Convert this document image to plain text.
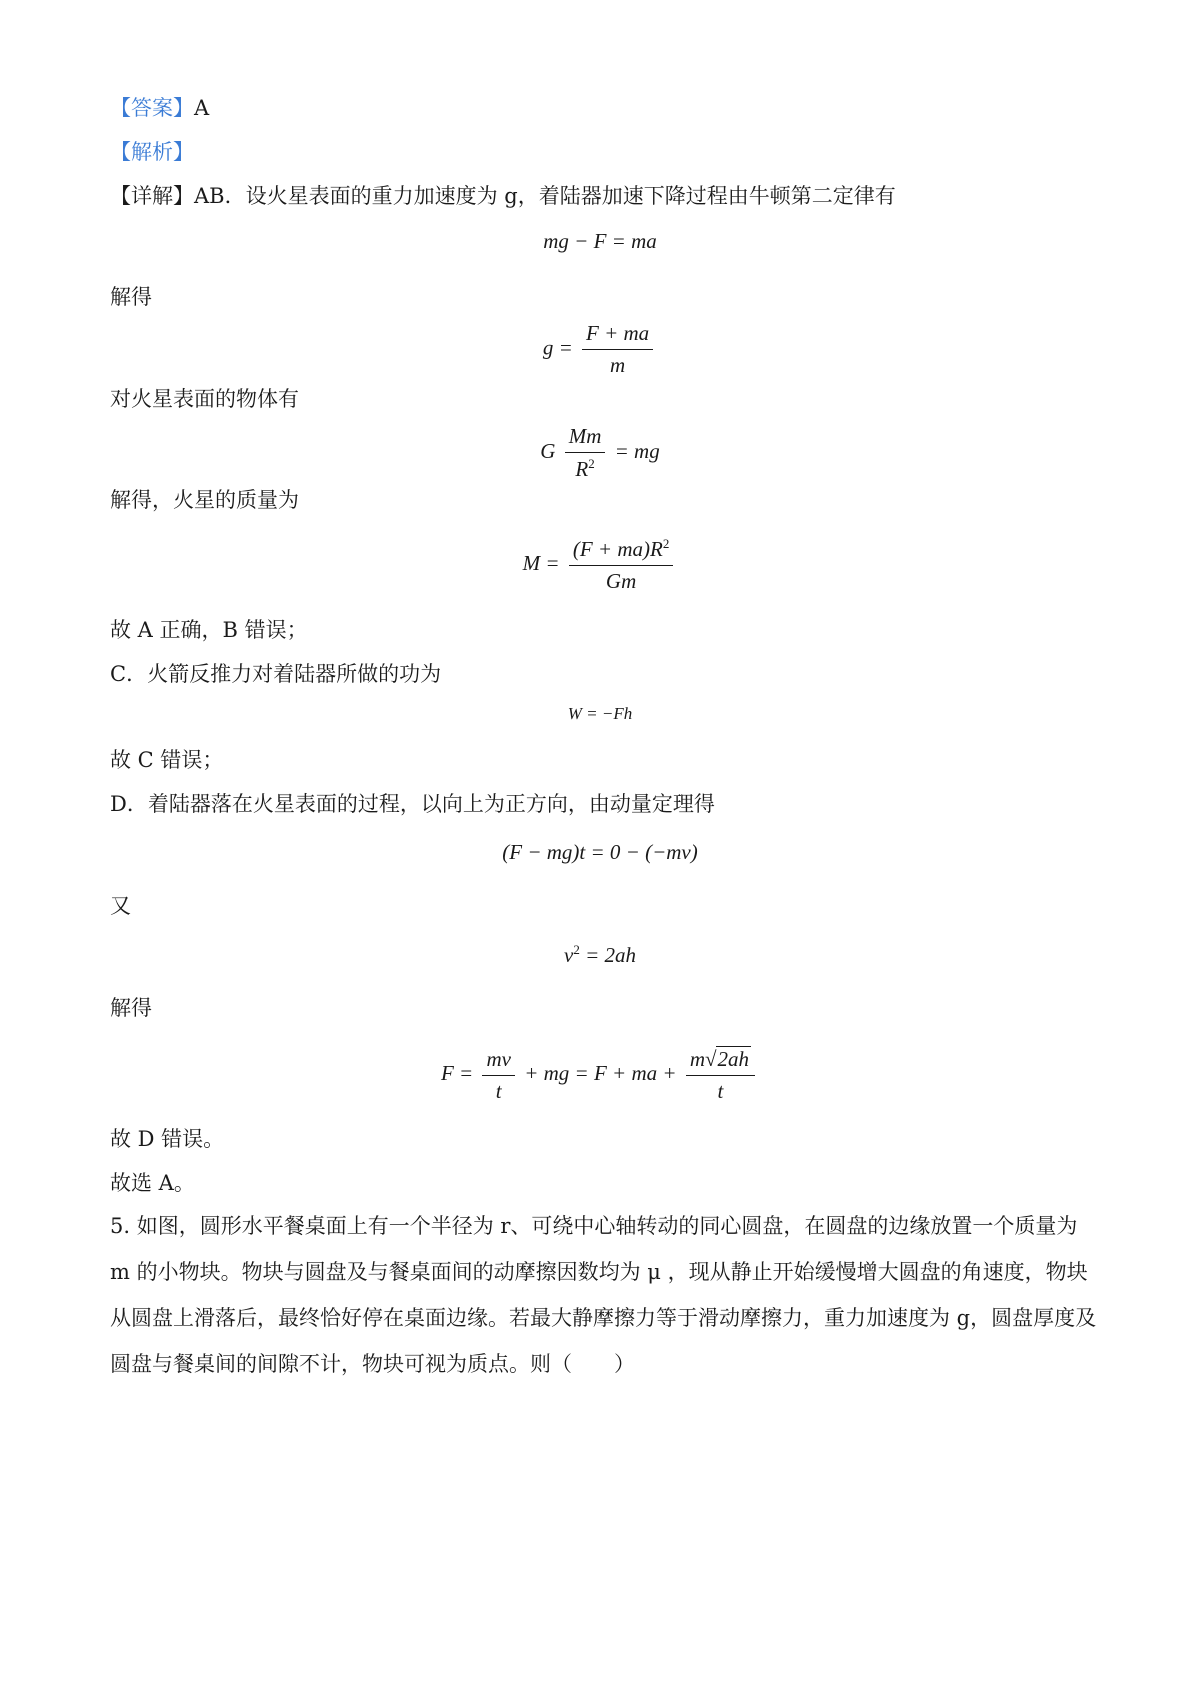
【答案】A
【解析】
【详解】AB．设火星表面的重力加速度为 g，着陆器加速下降过程由牛顿第二定律有
mg − F = ma
解得
$g = \frac{F + ma}{m}$
对火星表面的物体有
G $\frac{Mm}{R^2}$ = mg
解得，火星的质量为
$M = \frac{(F + ma)R^2}{Gm}$
故 A 正确，B 错误；
C．火箭反推力对着陆器所做的功为
W = −Fh
故 C 错误；
D．着陆器落在火星表面的过程，以向上为正方向，由动量定理得
(F − mg)t = 0 − (−mv)
又
$v^2 = 2ah$
解得
$F = \frac{mv}{t}$ + mg = F + ma + $\frac{m√2ah}{t}$
故 D 错误。
故选 A。
5. 如图，圆形水平餐桌面上有一个半径为 r、可绕中心轴转动的同心圆盘，在圆盘的边缘放置一个质量为 m 的小物块。物块与圆盘及与餐桌面间的动摩擦因数均为 μ ，现从静止开始缓慢增大圆盘的角速度，物块从圆盘上滑落后，最终恰好停在桌面边缘。若最大静摩擦力等于滑动摩擦力，重力加速度为 g，圆盘厚度及圆盘与餐桌间的间隙不计，物块可视为质点。则（　　）
